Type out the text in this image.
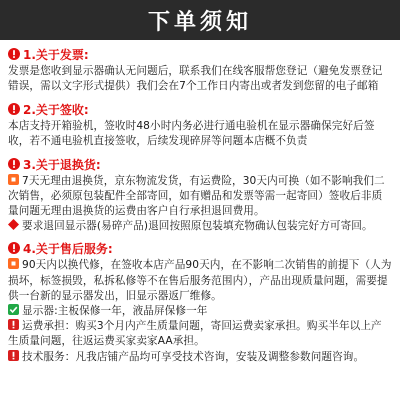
下单须知
1.关于发票:
发票是您收到显示器确认无问题后，联系我们在线客服帮您登记（避免发票登记错误，需以文字形式提供）我们会在7个工作日内寄出或者发到您留的电子邮箱
2.关于签收:
本店支持开箱验机，签收时48小时内务必进行通电验机在显示器确保完好后签收，若不通电验机直接签收，后续发现碎屏等问题本店概不负责
3.关于退换货:
7天无理由退换货，京东物流发货，有运费险，30天内可换（如不影响我们二次销售，必须原包装配件全部寄回，如有赠品和发票等需一起寄回）签收后非质量问题无理由退换货的运费由客户自行承担退回费用。
要求退回显示器(易碎产品)退回按照原包装填充物确认包装完好方可寄回。
4.关于售后服务:
90天内以换代修，在签收本店产品90天内，在不影响二次销售的前提下（人为损坏，标签损毁，私拆私修等不在售后服务范围内），产品出现质量问题，需要提供一台新的显示器发出，旧显示器返厂维修。
显示器:主板保修一年，液晶屏保修一年
运费承担：购买3个月内产生质量问题，寄回运费卖家承担。购买半年以上产生质量问题，往返运费买家卖家AA承担。
技术服务：凡我店铺产品均可享受技术咨询，安装及调整参数问题咨询。
